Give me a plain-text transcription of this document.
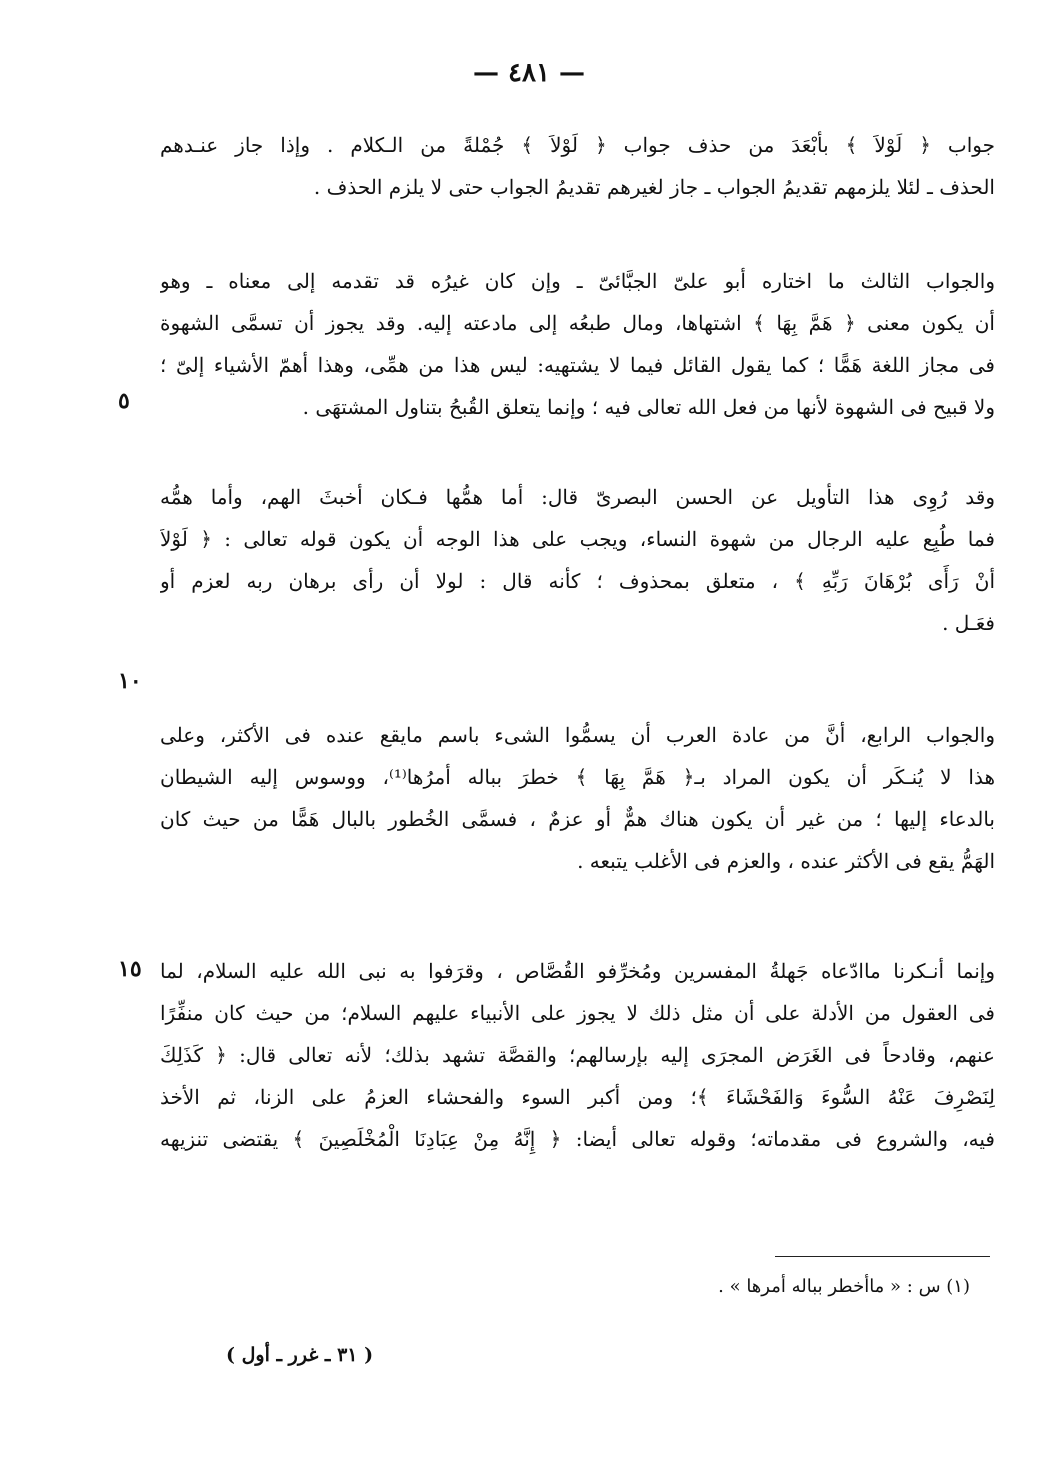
— ٤٨١ —
جواب ﴿ لَوْلاَ ﴾ بأبْعَدَ من حذف جواب ﴿ لَوْلاَ ﴾ جُمْلةً من الـكلام . وإذا جاز عنـدهم
الحذف ـ لئلا يلزمهم تقديمُ الجواب ـ جاز لغيرهم تقديمُ الجواب حتى لا يلزم الحذف .
والجواب الثالث ما اختاره أبو علىّ الجبَّائىّ ـ وإن كان غيرُه قد تقدمه إلى معناه ـ وهو
أن يكون معنى ﴿ هَمَّ بِهَا ﴾ اشتهاها، ومال طبعُه إلى مادعته إليه. وقد يجوز أن تسمَّى الشهوة
فى مجاز اللغة هَمًّا ؛ كما يقول القائل فيما لا يشتهيه: ليس هذا من همِّى، وهذا أهمّ الأشياء إلىّ ؛
ولا قبيح فى الشهوة لأنها من فعل الله تعالى فيه ؛ وإنما يتعلق القُبحُ بتناول المشتهَى .
وقد رُوِى هذا التأويل عن الحسن البصرىّ قال: أما همُّها فـكان أخبثَ الهم، وأما همُّه
فما طُبِع عليه الرجال من شهوة النساء، ويجب على هذا الوجه أن يكون قوله تعالى : ﴿ لَوْلاَ
أنْ رَأَى بُرْهَانَ رَبِّهِ ﴾ ، متعلق بمحذوف ؛ كأنه قال : لولا أن رأى برهان ربه لعزم أو
فعَـل .
والجواب الرابع، أنَّ من عادة العرب أن يسمُّوا الشىء باسم مايقع عنده فى الأكثر، وعلى
هذا لا يُنـكَر أن يكون المراد بـ﴿ هَمَّ بِهَا ﴾ خطرَ بباله أمرُها⁽¹⁾، ووسوس إليه الشيطان
بالدعاء إليها ؛ من غير أن يكون هناك همٌّ أو عزمٌ ، فسمَّى الخُطور بالبال هَمًّا من حيث كان
الهَمُّ يقع فى الأكثر عنده ، والعزم فى الأغلب يتبعه .
وإنما أنـكرنا ماادّعاه جَهلةُ المفسرين ومُخرِّفو القُصَّاص ، وقرَفوا به نبى الله عليه السلام، لما
فى العقول من الأدلة على أن مثل ذلك لا يجوز على الأنبياء عليهم السلام؛ من حيث كان منفِّرًا
عنهم، وقادحاً فى الغَرَض المجرَى إليه بإرسالهم؛ والقصَّة تشهد بذلك؛ لأنه تعالى قال: ﴿ كَذَلِكَ
لِنَصْرِفَ عَنْهُ السُّوءَ وَالفَحْشَاءَ ﴾؛ ومن أكبر السوء والفحشاء العزمُ على الزنا، ثم الأخذ
فيه، والشروع فى مقدماته؛ وقوله تعالى أيضا: ﴿ إِنَّهُ مِنْ عِبَادِنَا الْمُخْلَصِينَ ﴾ يقتضى تنزيهه
٥
١٠
١٥
(١) س : « ماأخطر بباله أمرها » .
( ٣١ ـ غرر ـ أول )
